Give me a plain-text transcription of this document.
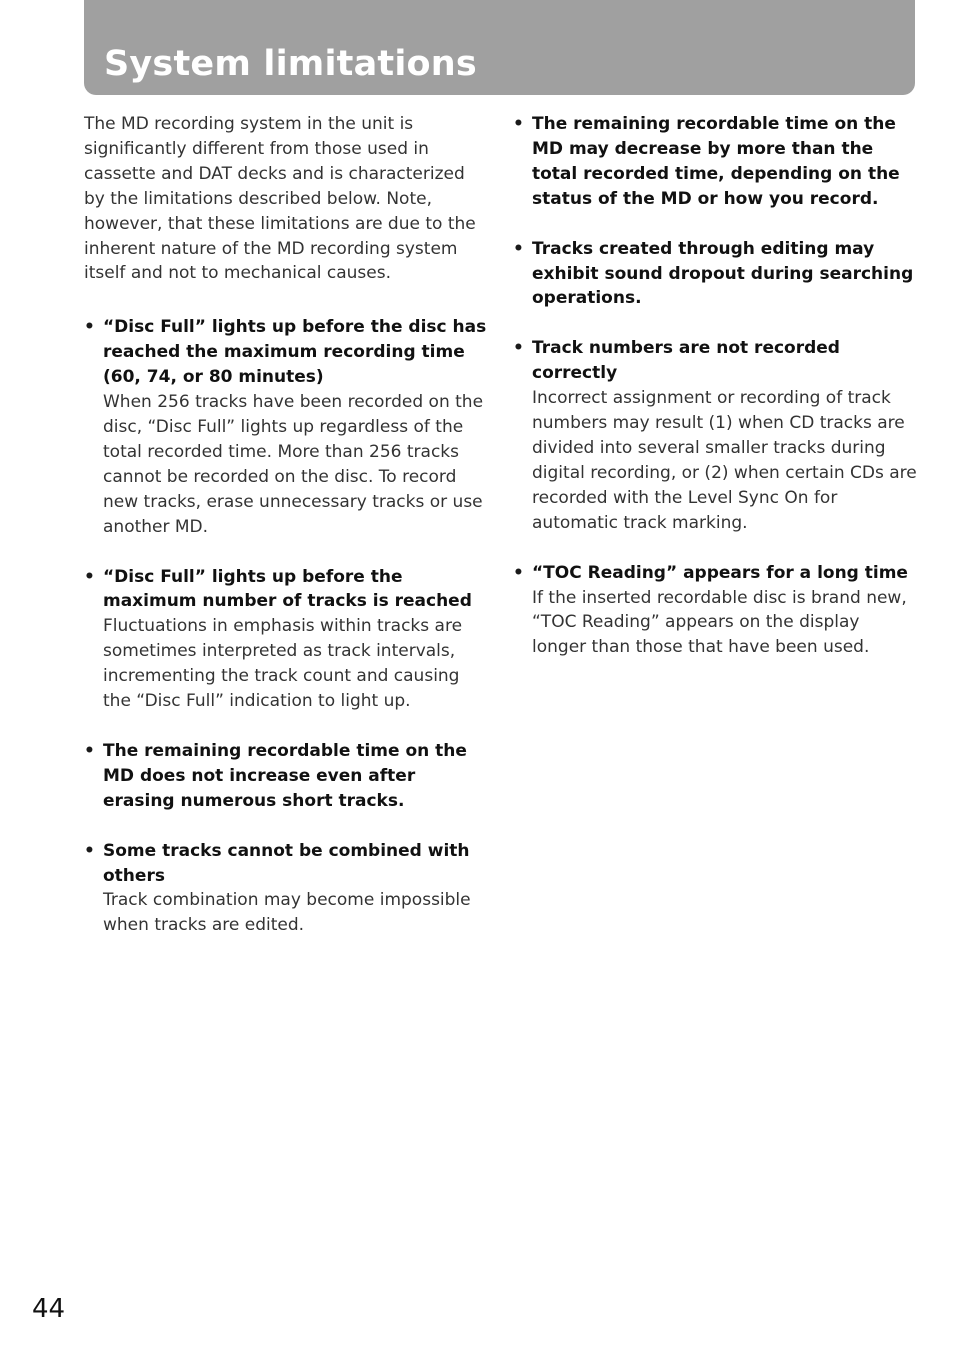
System limitations

The MD recording system in the unit is significantly different from those used in cassette and DAT decks and is characterized by the limitations described below. Note, however, that these limitations are due to the inherent nature of the MD recording system itself and not to mechanical causes.

• “Disc Full” lights up before the disc has reached the maximum recording time (60, 74, or 80 minutes)
When 256 tracks have been recorded on the disc, “Disc Full” lights up regardless of the total recorded time. More than 256 tracks cannot be recorded on the disc. To record new tracks, erase unnecessary tracks or use another MD.
• “Disc Full” lights up before the maximum number of tracks is reached
Fluctuations in emphasis within tracks are sometimes interpreted as track intervals, incrementing the track count and causing the “Disc Full” indication to light up.
• The remaining recordable time on the MD does not increase even after erasing numerous short tracks.
• Some tracks cannot be combined with others
Track combination may become impossible when tracks are edited.
• The remaining recordable time on the MD may decrease by more than the total recorded time, depending on the status of the MD or how you record.
• Tracks created through editing may exhibit sound dropout during searching operations.
• Track numbers are not recorded correctly
Incorrect assignment or recording of track numbers may result (1) when CD tracks are divided into several smaller tracks during digital recording, or (2) when certain CDs are recorded with the Level Sync On for automatic track marking.
• “TOC Reading” appears for a long time
If the inserted recordable disc is brand new, “TOC Reading” appears on the display longer than those that have been used.
44
